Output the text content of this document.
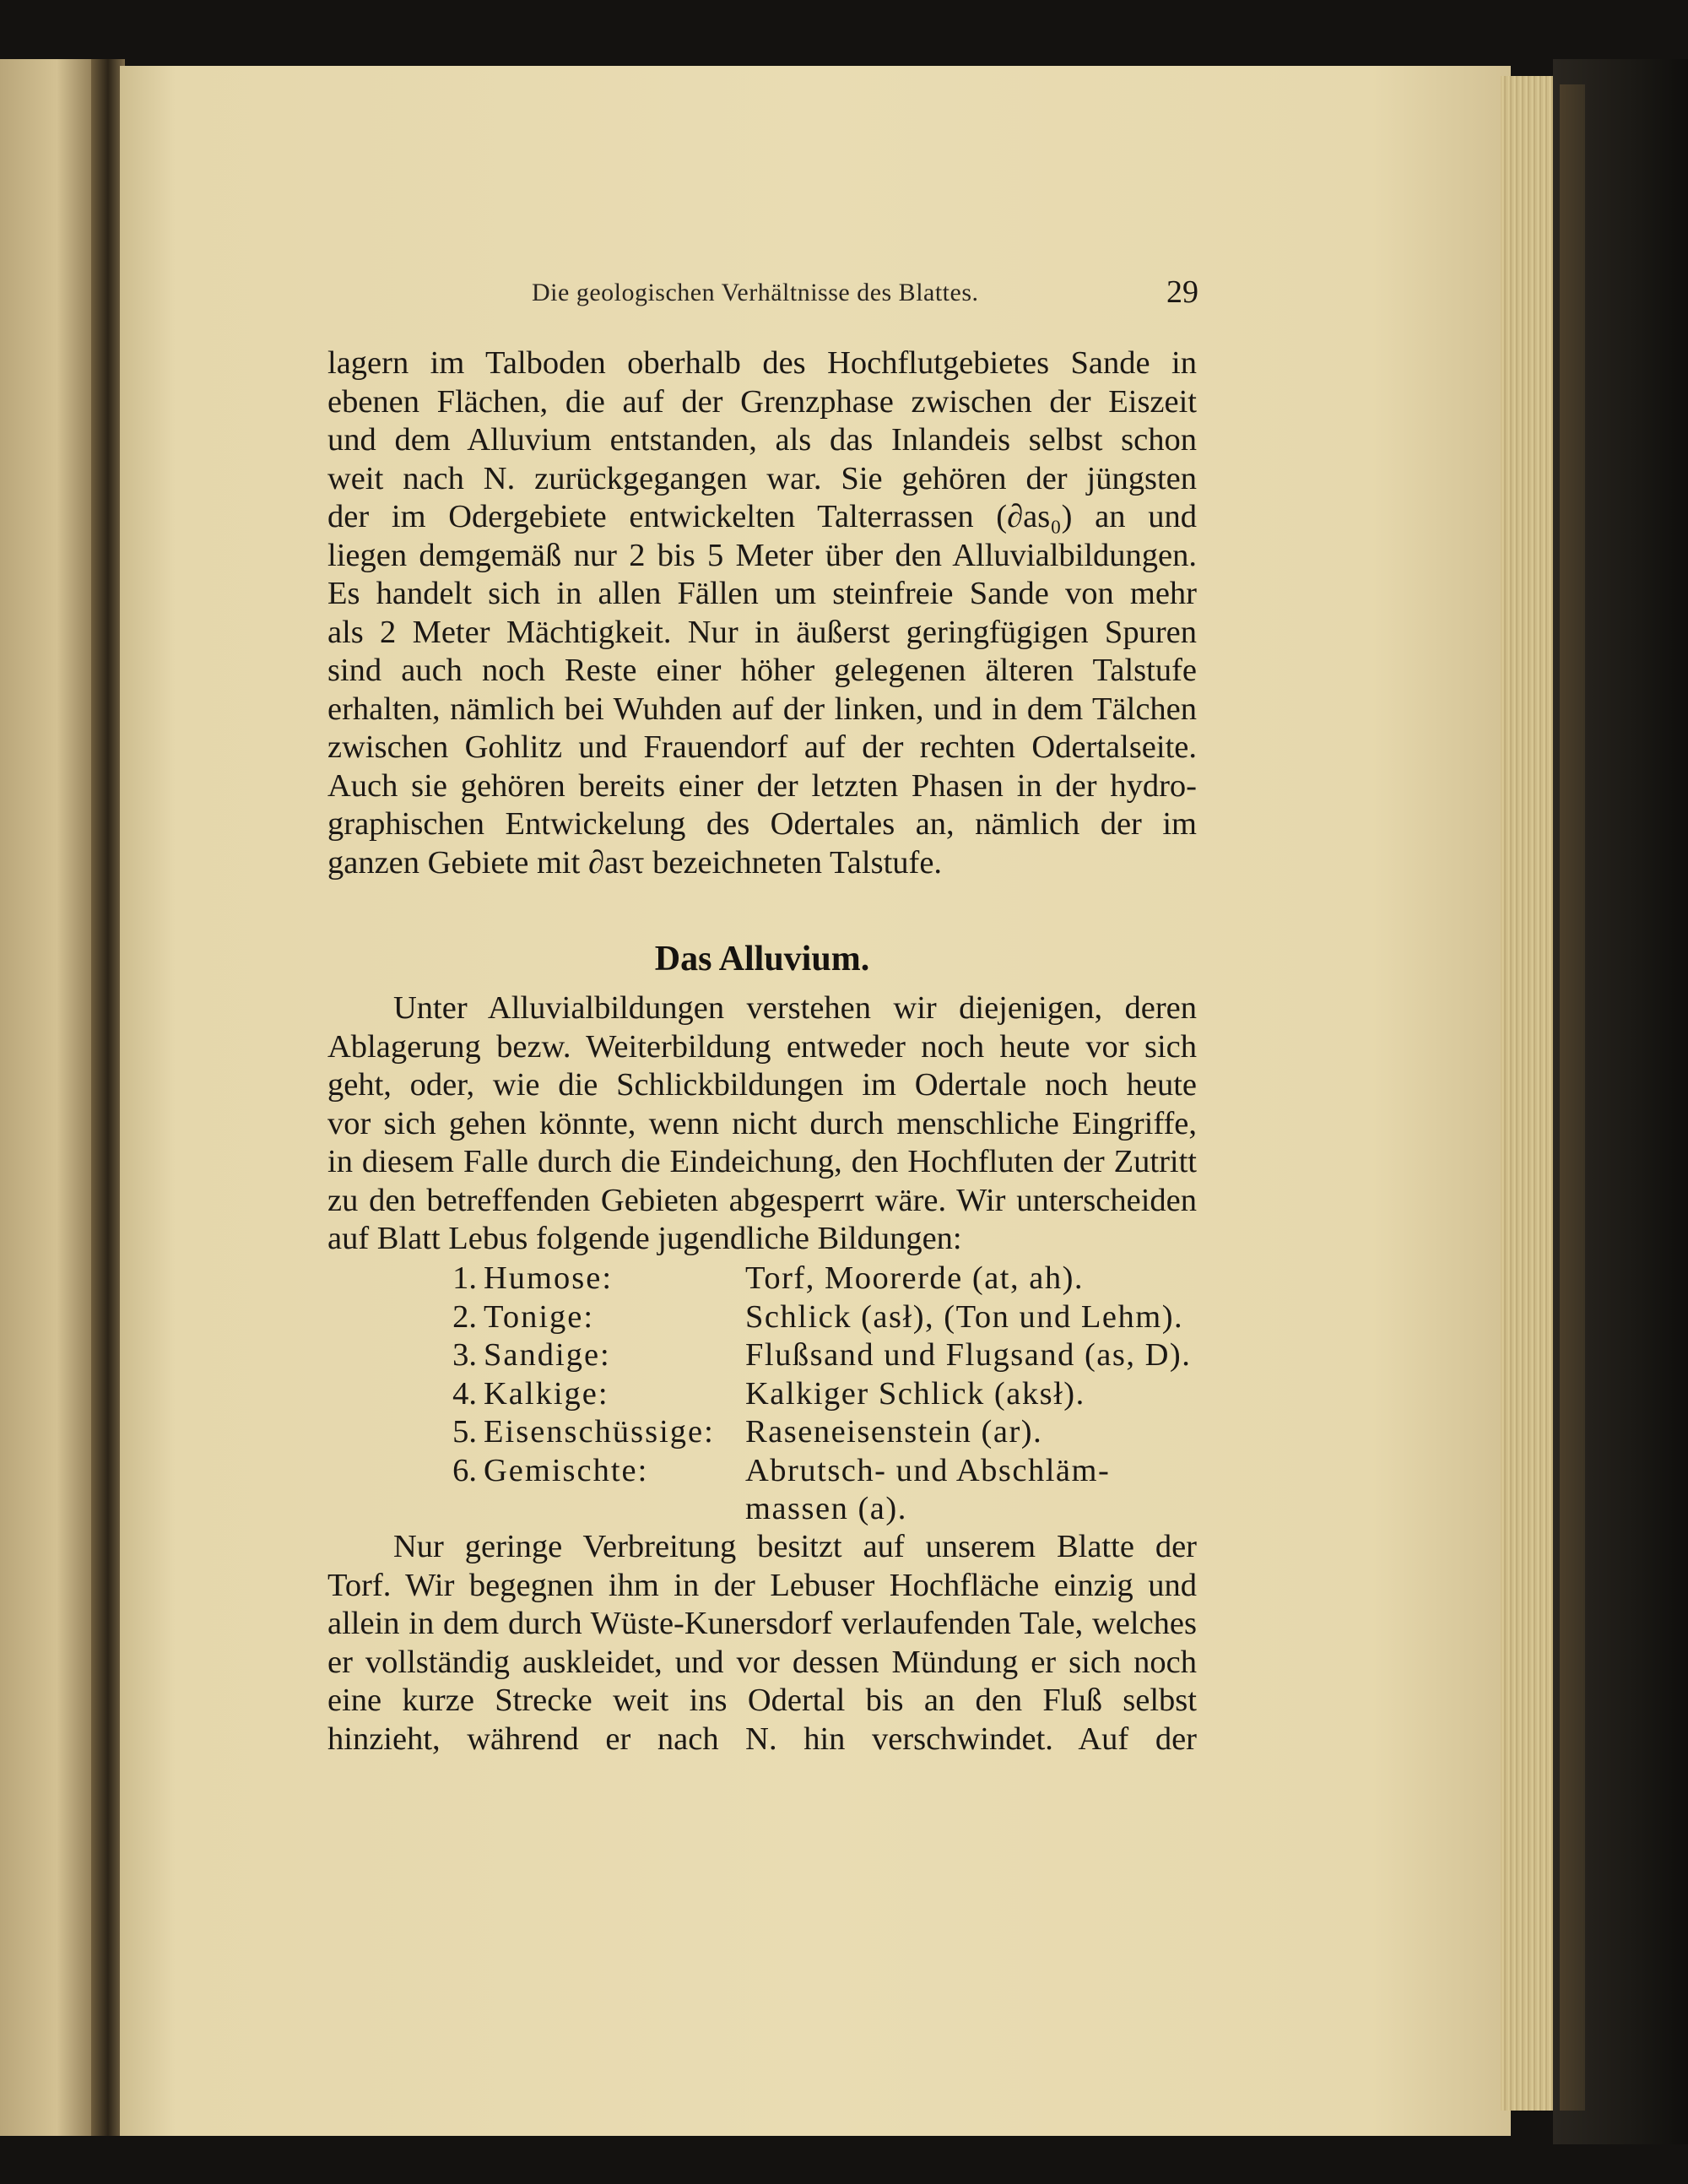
Die geologischen Verhältnisse des Blattes.	29
lagern im Talboden oberhalb des Hochflutgebietes Sande in
ebenen Flächen, die auf der Grenzphase zwischen der Eiszeit
und dem Alluvium entstanden, als das Inlandeis selbst schon
weit nach N. zurückgegangen war. Sie gehören der jüngsten
der im Odergebiete entwickelten Talterrassen (∂as₀) an und
liegen demgemäß nur 2 bis 5 Meter über den Alluvialbildungen.
Es handelt sich in allen Fällen um steinfreie Sande von mehr
als 2 Meter Mächtigkeit. Nur in äußerst geringfügigen Spuren
sind auch noch Reste einer höher gelegenen älteren Talstufe
erhalten, nämlich bei Wuhden auf der linken, und in dem Tälchen
zwischen Gohlitz und Frauendorf auf der rechten Odertalseite.
Auch sie gehören bereits einer der letzten Phasen in der hydro-
graphischen Entwickelung des Odertales an, nämlich der im
ganzen Gebiete mit ∂asτ bezeichneten Talstufe.
Das Alluvium.
Unter Alluvialbildungen verstehen wir diejenigen, deren
Ablagerung bezw. Weiterbildung entweder noch heute vor sich
geht, oder, wie die Schlickbildungen im Odertale noch heute
vor sich gehen könnte, wenn nicht durch menschliche Eingriffe,
in diesem Falle durch die Eindeichung, den Hochfluten der Zutritt
zu den betreffenden Gebieten abgesperrt wäre. Wir unterscheiden
auf Blatt Lebus folgende jugendliche Bildungen:
1. Humose:	Torf, Moorerde (at, ah).
2. Tonige:	Schlick (asł), (Ton und Lehm).
3. Sandige:	Flußsand und Flugsand (as, D).
4. Kalkige:	Kalkiger Schlick (aksł).
5. Eisenschüssige: Raseneisenstein (ar).
6. Gemischte:	Abrutsch- und Abschläm-
massen (a).
Nur geringe Verbreitung besitzt auf unserem Blatte der
Torf. Wir begegnen ihm in der Lebuser Hochfläche einzig und
allein in dem durch Wüste-Kunersdorf verlaufenden Tale, welches
er vollständig auskleidet, und vor dessen Mündung er sich noch
eine kurze Strecke weit ins Odertal bis an den Fluß selbst
hinzieht, während er nach N. hin verschwindet. Auf der
